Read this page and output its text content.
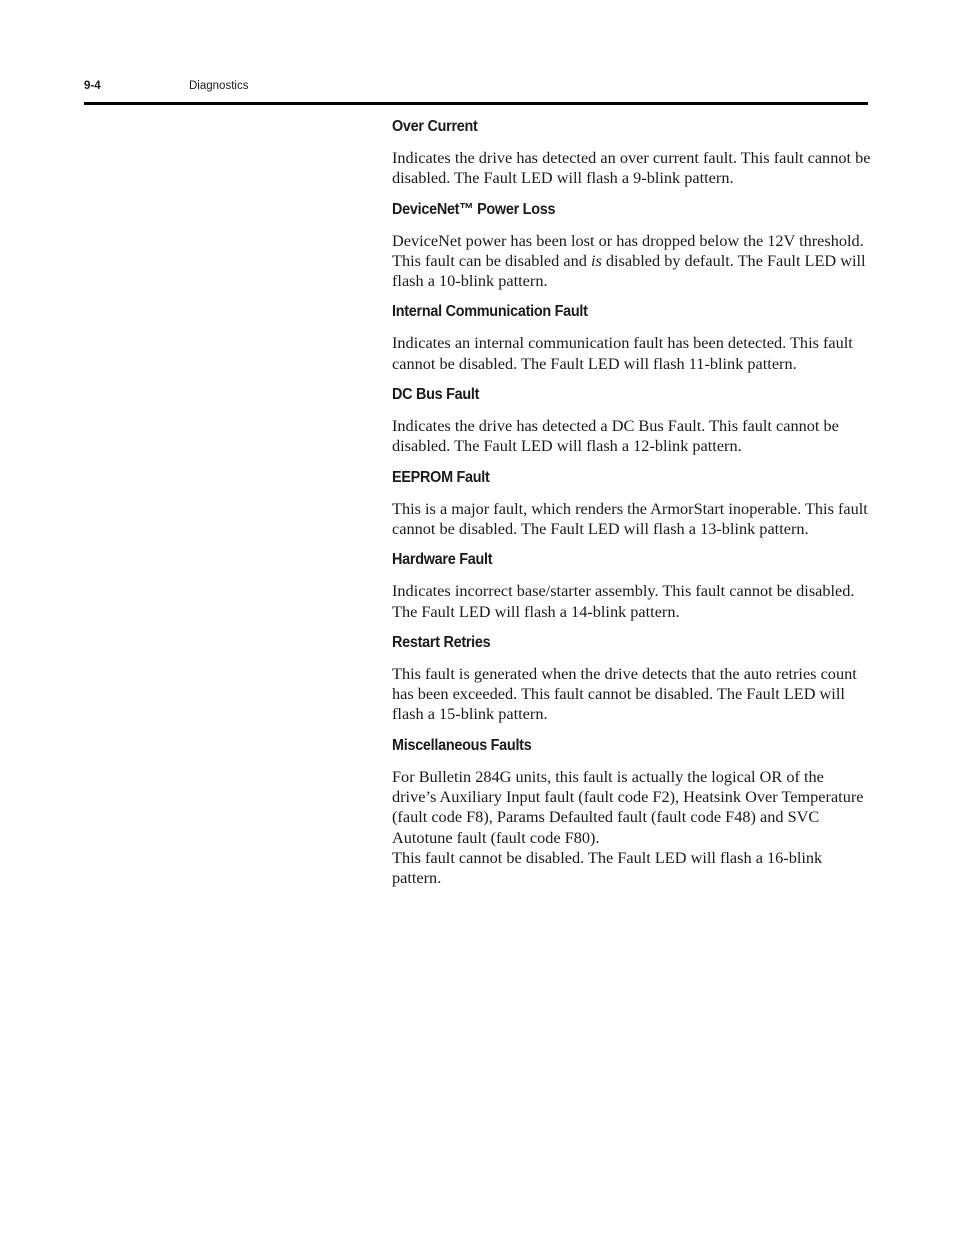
9-4	Diagnostics
Over Current

Indicates the drive has detected an over current fault. This fault cannot be disabled. The Fault LED will flash a 9-blink pattern.

DeviceNet™ Power Loss

DeviceNet power has been lost or has dropped below the 12V threshold. This fault can be disabled and is disabled by default. The Fault LED will flash a 10-blink pattern.

Internal Communication Fault

Indicates an internal communication fault has been detected. This fault cannot be disabled. The Fault LED will flash 11-blink pattern.

DC Bus Fault

Indicates the drive has detected a DC Bus Fault. This fault cannot be disabled. The Fault LED will flash a 12-blink pattern.

EEPROM Fault

This is a major fault, which renders the ArmorStart inoperable. This fault cannot be disabled. The Fault LED will flash a 13-blink pattern.

Hardware Fault

Indicates incorrect base/starter assembly. This fault cannot be disabled. The Fault LED will flash a 14-blink pattern.

Restart Retries

This fault is generated when the drive detects that the auto retries count has been exceeded. This fault cannot be disabled. The Fault LED will flash a 15-blink pattern.

Miscellaneous Faults

For Bulletin 284G units, this fault is actually the logical OR of the drive’s Auxiliary Input fault (fault code F2), Heatsink Over Temperature (fault code F8), Params Defaulted fault (fault code F48) and SVC Autotune fault (fault code F80).

This fault cannot be disabled. The Fault LED will flash a 16-blink pattern.
